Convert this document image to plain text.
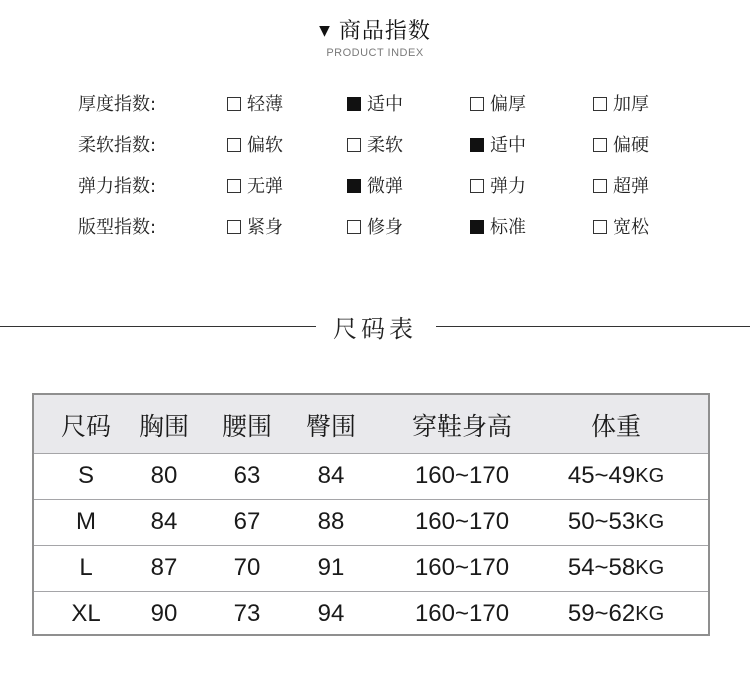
▼ 商品指数
PRODUCT INDEX
厚度指数:	轻薄	适中	偏厚	加厚
柔软指数:	偏软	柔软	适中	偏硬
弹力指数:	无弹	微弹	弹力	超弹
版型指数:	紧身	修身	标准	宽松
尺码表
尺码 胸围 腰围 臀围 穿鞋身高	体重
S 80 63 84	160~170 45~49 KG
M 84 67 88	160~170 50~53 KG
L 87 70 91	160~170 54~58 KG
XL 90 73 94	160~170 59~62 KG
